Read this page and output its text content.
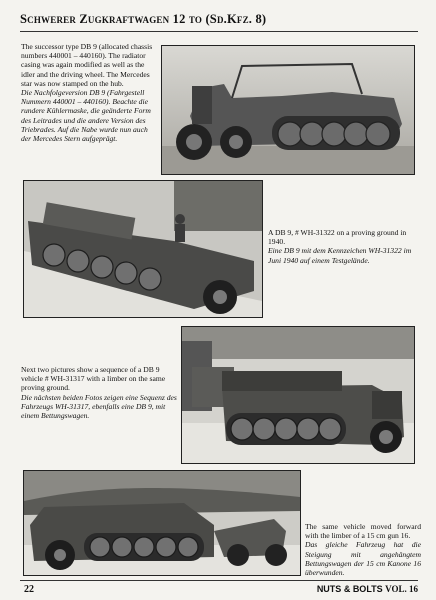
Schwerer Zugkraftwagen 12 to (Sd.Kfz. 8)

The successor type DB 9 (allocated chassis numbers 440001 – 440160). The radiator casing was again modified as well as the idler and the driving wheel. The Mercedes star was now stamped on the hub.

Die Nachfolgeversion DB 9 (Fahrgestell Nummern 440001 – 440160). Beachte die rundere Kühlermaske, die geänderte Form des Leitrades und die andere Version des Triebrades. Auf die Nabe wurde nun auch der Mercedes Stern aufgeprägt.

A DB 9, # WH-31322 on a proving ground in 1940.

Eine DB 9 mit dem Kennzeichen WH-31322 im Juni 1940 auf einem Testgelände.

Next two pictures show a sequence of a DB 9 vehicle # WH-31317 with a limber on the same proving ground.

Die nächsten beiden Fotos zeigen eine Sequenz des Fahrzeugs WH-31317, ebenfalls eine DB 9, mit einem Bettungswagen.

The same vehicle moved forward with the limber of a 15 cm gun 16.

Das gleiche Fahrzeug hat die Steigung mit angehängtem Bettungswagen der 15 cm Kanone 16 überwunden.

22	NUTS & BOLTS VOL. 16
